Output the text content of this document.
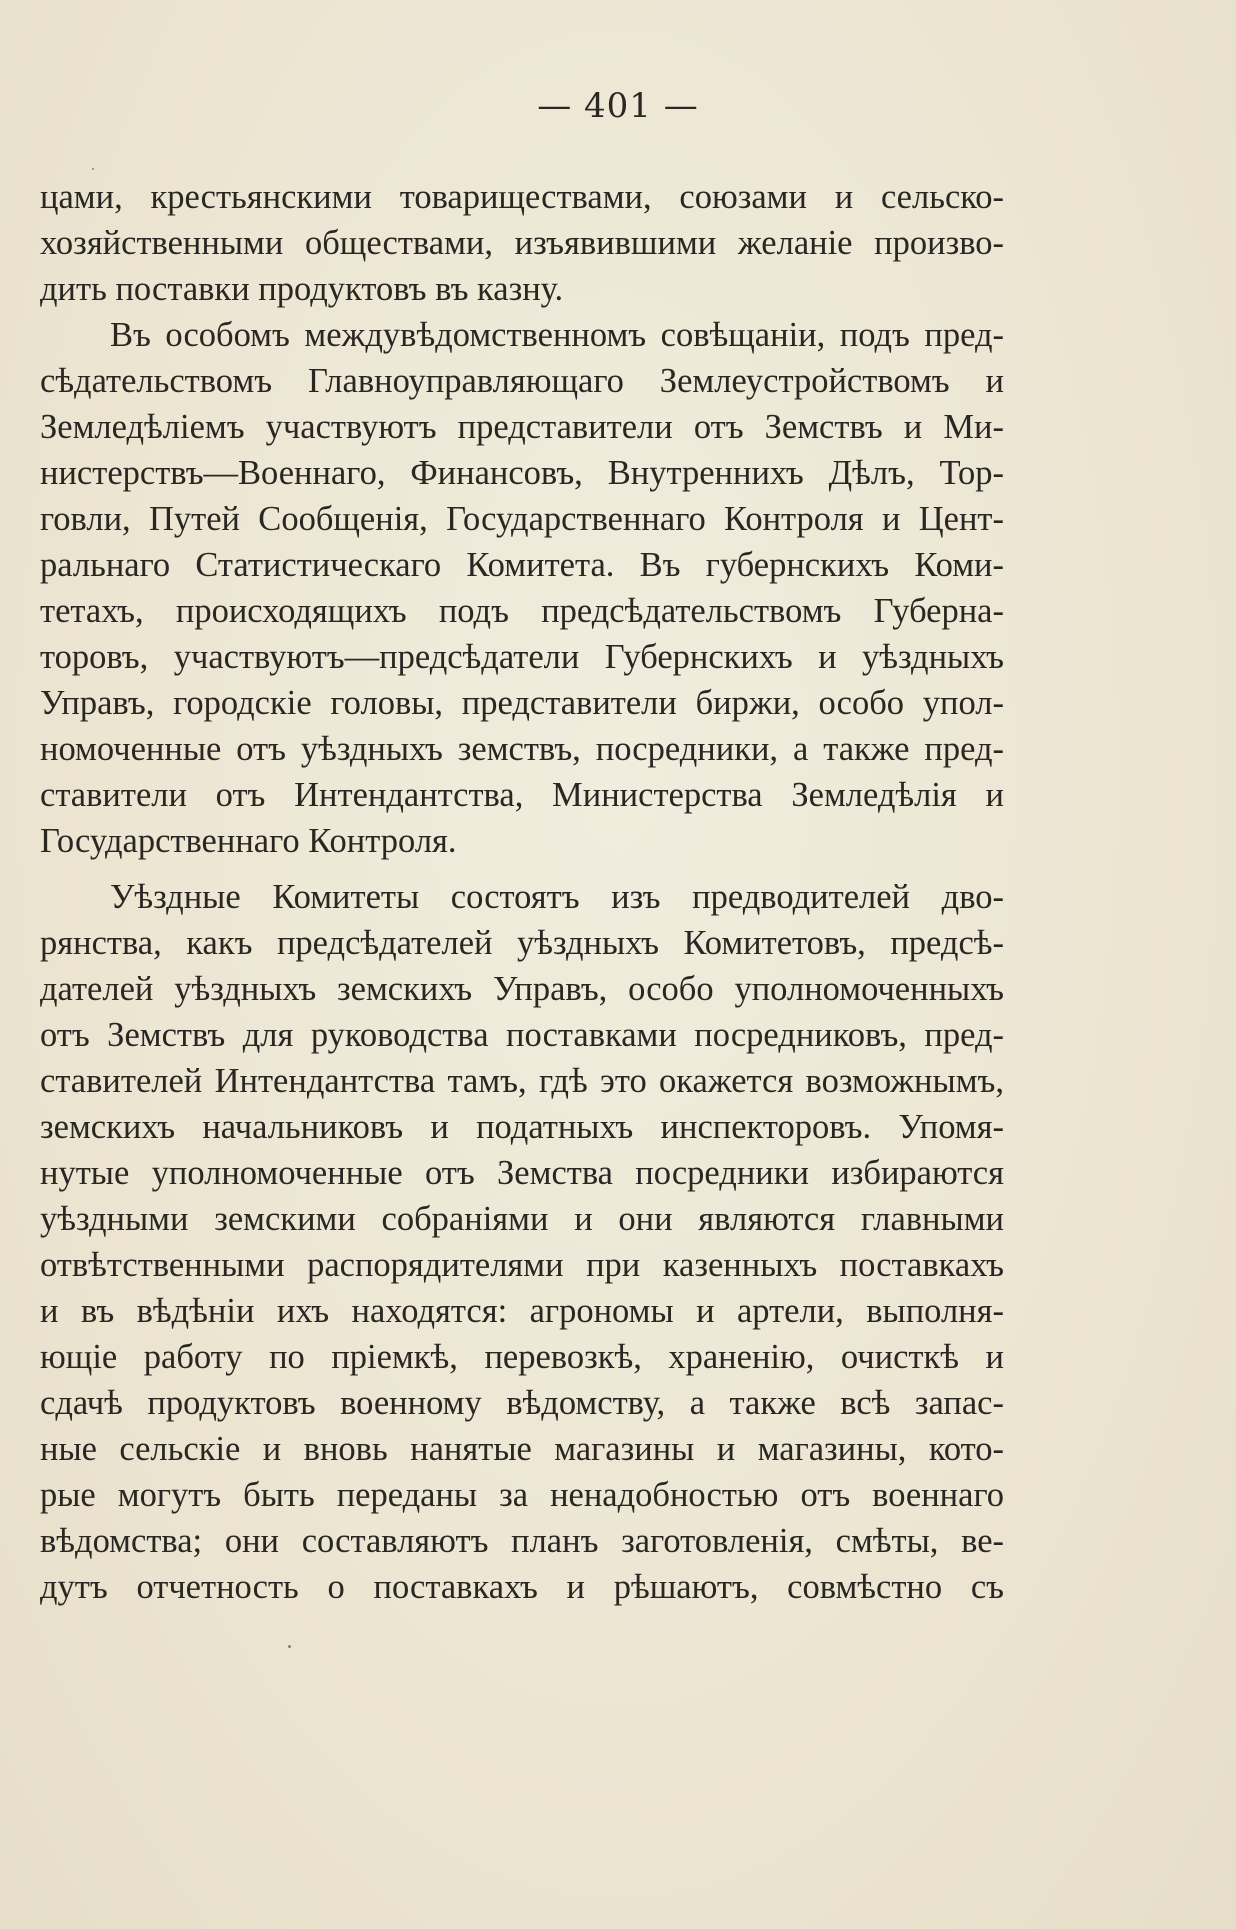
— 401 —
цами, крестьянскими товариществами, союзами и сельско-
хозяйственными обществами, изъявившими желаніе произво-
дить поставки продуктовъ въ казну.
Въ особомъ междувѣдомственномъ совѣщаніи, подъ пред-
сѣдательствомъ Главноуправляющаго Землеустройствомъ и
Земледѣліемъ участвуютъ представители отъ Земствъ и Ми-
нистерствъ—Военнаго, Финансовъ, Внутреннихъ Дѣлъ, Тор-
говли, Путей Сообщенія, Государственнаго Контроля и Цент-
ральнаго Статистическаго Комитета. Въ губернскихъ Коми-
тетахъ, происходящихъ подъ предсѣдательствомъ Губерна-
торовъ, участвуютъ—предсѣдатели Губернскихъ и уѣздныхъ
Управъ, городскіе головы, представители биржи, особо упол-
номоченные отъ уѣздныхъ земствъ, посредники, а также пред-
ставители отъ Интендантства, Министерства Земледѣлія и
Государственнаго Контроля.
Уѣздные Комитеты состоятъ изъ предводителей дво-
рянства, какъ предсѣдателей уѣздныхъ Комитетовъ, предсѣ-
дателей уѣздныхъ земскихъ Управъ, особо уполномоченныхъ
отъ Земствъ для руководства поставками посредниковъ, пред-
ставителей Интендантства тамъ, гдѣ это окажется возможнымъ,
земскихъ начальниковъ и податныхъ инспекторовъ. Упомя-
нутые уполномоченные отъ Земства посредники избираются
уѣздными земскими собраніями и они являются главными
отвѣтственными распорядителями при казенныхъ поставкахъ
и въ вѣдѣніи ихъ находятся: агрономы и артели, выполня-
ющіе работу по пріемкѣ, перевозкѣ, храненію, очисткѣ и
сдачѣ продуктовъ военному вѣдомству, а также всѣ запас-
ные сельскіе и вновь нанятые магазины и магазины, кото-
рые могутъ быть переданы за ненадобностью отъ военнаго
вѣдомства; они составляютъ планъ заготовленія, смѣты, ве-
дутъ отчетность о поставкахъ и рѣшаютъ, совмѣстно съ
